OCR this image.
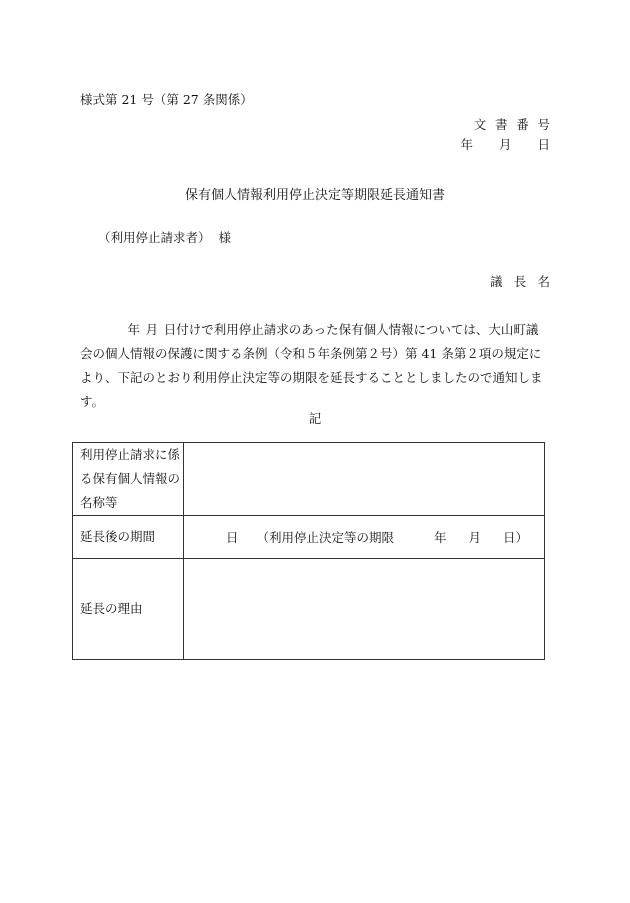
様式第 21 号（第 27 条関係）

文書番号

年 月 日

保有個人情報利用停止決定等期限延長通知書

（利用停止請求者） 様

議長名

年月日付けで利用停止請求のあった保有個人情報については、大山町議会の個人情報の保護に関する条例（令和５年条例第２号）第 41 条第２項の規定により、下記のとおり利用停止決定等の期限を延長することとしましたので通知します。

記

利用停止請求に係
る保有個人情報の
名称等	

延長後の期間	日 （利用停止決定等の期限 年 月 日）

延長の理由	
